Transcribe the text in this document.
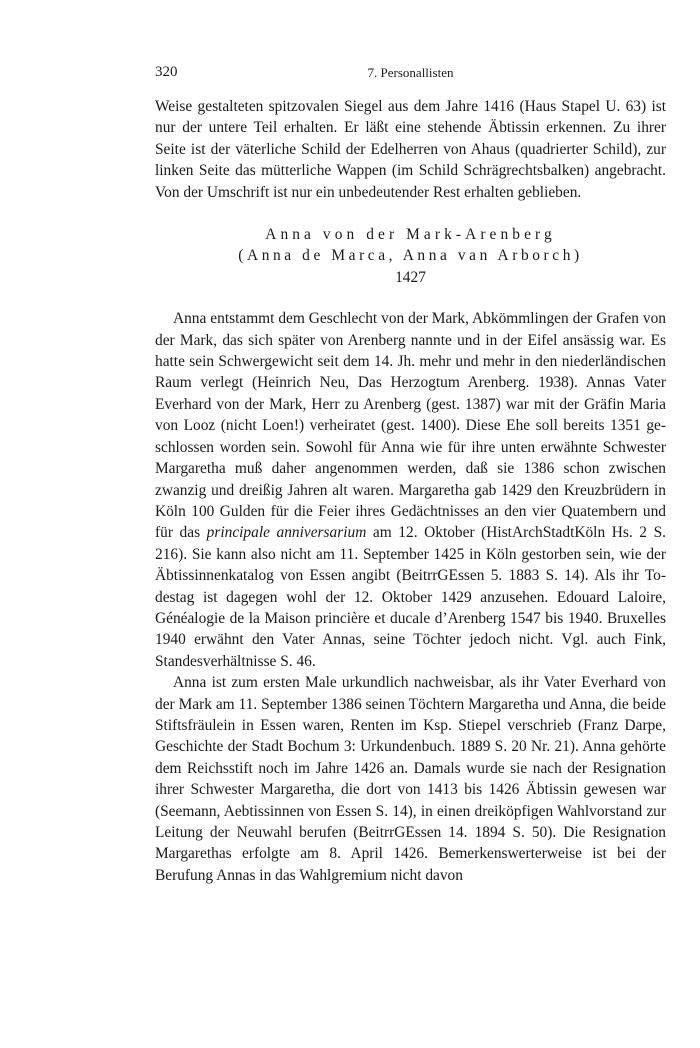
320	7. Personallisten

Weise gestalteten spitzovalen Siegel aus dem Jahre 1416 (Haus Stapel U. 63) ist nur der untere Teil erhalten. Er läßt eine stehende Äbtissin erkennen. Zu ihrer Seite ist der väterliche Schild der Edelherren von Ahaus (quadrierter Schild), zur linken Seite das mütterliche Wappen (im Schild Schrägrechtsbalken) angebracht. Von der Umschrift ist nur ein unbedeutender Rest erhalten geblieben.

Anna von der Mark-Arenberg
(Anna de Marca, Anna van Arborch)
1427

Anna entstammt dem Geschlecht von der Mark, Abkömmlingen der Grafen von der Mark, das sich später von Arenberg nannte und in der Eifel ansässig war. Es hatte sein Schwergewicht seit dem 14. Jh. mehr und mehr in den niederländischen Raum verlegt (Heinrich Neu, Das Herzogtum Arenberg. 1938). Annas Vater Everhard von der Mark, Herr zu Arenberg (gest. 1387) war mit der Gräfin Maria von Looz (nicht Loen!) verheiratet (gest. 1400). Diese Ehe soll bereits 1351 geschlossen worden sein. Sowohl für Anna wie für ihre unten erwähnte Schwester Margaretha muß daher angenommen werden, daß sie 1386 schon zwischen zwanzig und dreißig Jahren alt waren. Margaretha gab 1429 den Kreuzbrüdern in Köln 100 Gulden für die Feier ihres Gedächtnisses an den vier Quatembern und für das principale anniversarium am 12. Oktober (HistArchStadtKöln Hs. 2 S. 216). Sie kann also nicht am 11. September 1425 in Köln gestorben sein, wie der Äbtissinnenkatalog von Essen angibt (BeitrrGEssen 5. 1883 S. 14). Als ihr Todestag ist dagegen wohl der 12. Oktober 1429 anzusehen. Edouard Laloire, Généalogie de la Maison princière et ducale d’Arenberg 1547 bis 1940. Bruxelles 1940 erwähnt den Vater Annas, seine Töchter jedoch nicht. Vgl. auch Fink, Standesverhältnisse S. 46.

Anna ist zum ersten Male urkundlich nachweisbar, als ihr Vater Everhard von der Mark am 11. September 1386 seinen Töchtern Margaretha und Anna, die beide Stiftsfräulein in Essen waren, Renten im Ksp. Stiepel verschrieb (Franz Darpe, Geschichte der Stadt Bochum 3: Urkundenbuch. 1889 S. 20 Nr. 21). Anna gehörte dem Reichsstift noch im Jahre 1426 an. Damals wurde sie nach der Resignation ihrer Schwester Margaretha, die dort von 1413 bis 1426 Äbtissin gewesen war (Seemann, Aebtissinnen von Essen S. 14), in einen dreiköpfigen Wahlvorstand zur Leitung der Neuwahl berufen (BeitrrGEssen 14. 1894 S. 50). Die Resignation Margarethas erfolgte am 8. April 1426. Bemerkenswerterweise ist bei der Berufung Annas in das Wahlgremium nicht davon
